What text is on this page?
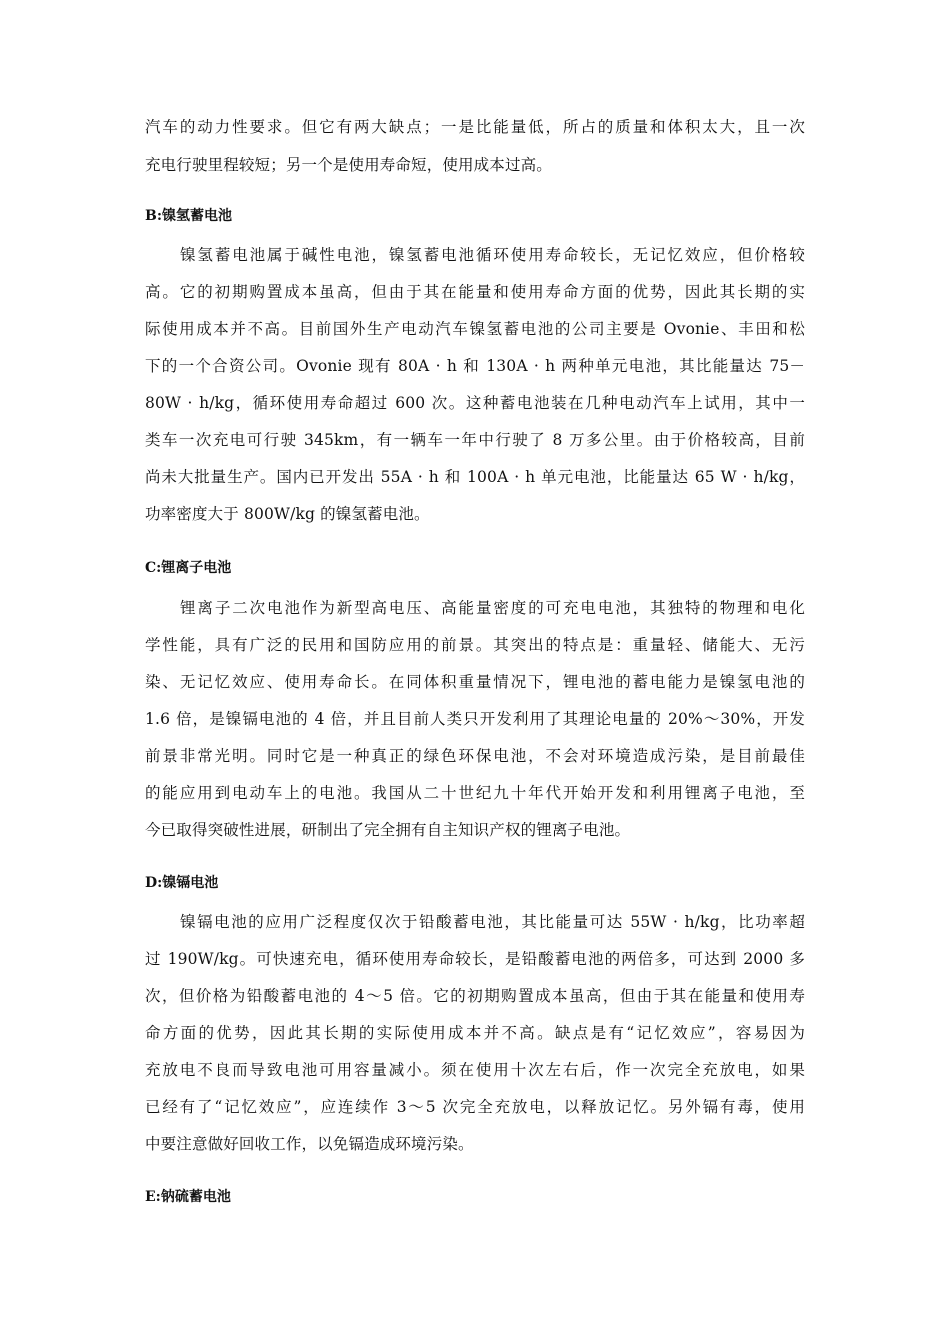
汽车的动力性要求。但它有两大缺点；一是比能量低，所占的质量和体积太大，且一次
充电行驶里程较短；另一个是使用寿命短，使用成本过高。
B:镍氢蓄电池
镍氢蓄电池属于碱性电池，镍氢蓄电池循环使用寿命较长，无记忆效应，但价格较
高。它的初期购置成本虽高，但由于其在能量和使用寿命方面的优势，因此其长期的实
际使用成本并不高。目前国外生产电动汽车镍氢蓄电池的公司主要是 Ovonie、丰田和松
下的一个合资公司。Ovonie 现有 80A · h 和 130A · h 两种单元电池，其比能量达 75－
80W · h/kg，循环使用寿命超过 600 次。这种蓄电池装在几种电动汽车上试用，其中一
类车一次充电可行驶 345km，有一辆车一年中行驶了 8 万多公里。由于价格较高，目前
尚未大批量生产。国内已开发出 55A · h 和 100A · h 单元电池，比能量达 65 W · h/kg，
功率密度大于 800W/kg 的镍氢蓄电池。
C:锂离子电池
锂离子二次电池作为新型高电压、高能量密度的可充电电池，其独特的物理和电化
学性能，具有广泛的民用和国防应用的前景。其突出的特点是：重量轻、储能大、无污
染、无记忆效应、使用寿命长。在同体积重量情况下，锂电池的蓄电能力是镍氢电池的
1.6 倍，是镍镉电池的 4 倍，并且目前人类只开发利用了其理论电量的 20%～30%，开发
前景非常光明。同时它是一种真正的绿色环保电池，不会对环境造成污染，是目前最佳
的能应用到电动车上的电池。我国从二十世纪九十年代开始开发和利用锂离子电池，至
今已取得突破性进展，研制出了完全拥有自主知识产权的锂离子电池。
D:镍镉电池
镍镉电池的应用广泛程度仅次于铅酸蓄电池，其比能量可达 55W · h/kg，比功率超
过 190W/kg。可快速充电，循环使用寿命较长，是铅酸蓄电池的两倍多，可达到 2000 多
次，但价格为铅酸蓄电池的 4～5 倍。它的初期购置成本虽高，但由于其在能量和使用寿
命方面的优势，因此其长期的实际使用成本并不高。缺点是有“记忆效应”，容易因为
充放电不良而导致电池可用容量减小。须在使用十次左右后，作一次完全充放电，如果
已经有了“记忆效应”，应连续作 3～5 次完全充放电，以释放记忆。另外镉有毒，使用
中要注意做好回收工作，以免镉造成环境污染。
E:钠硫蓄电池
